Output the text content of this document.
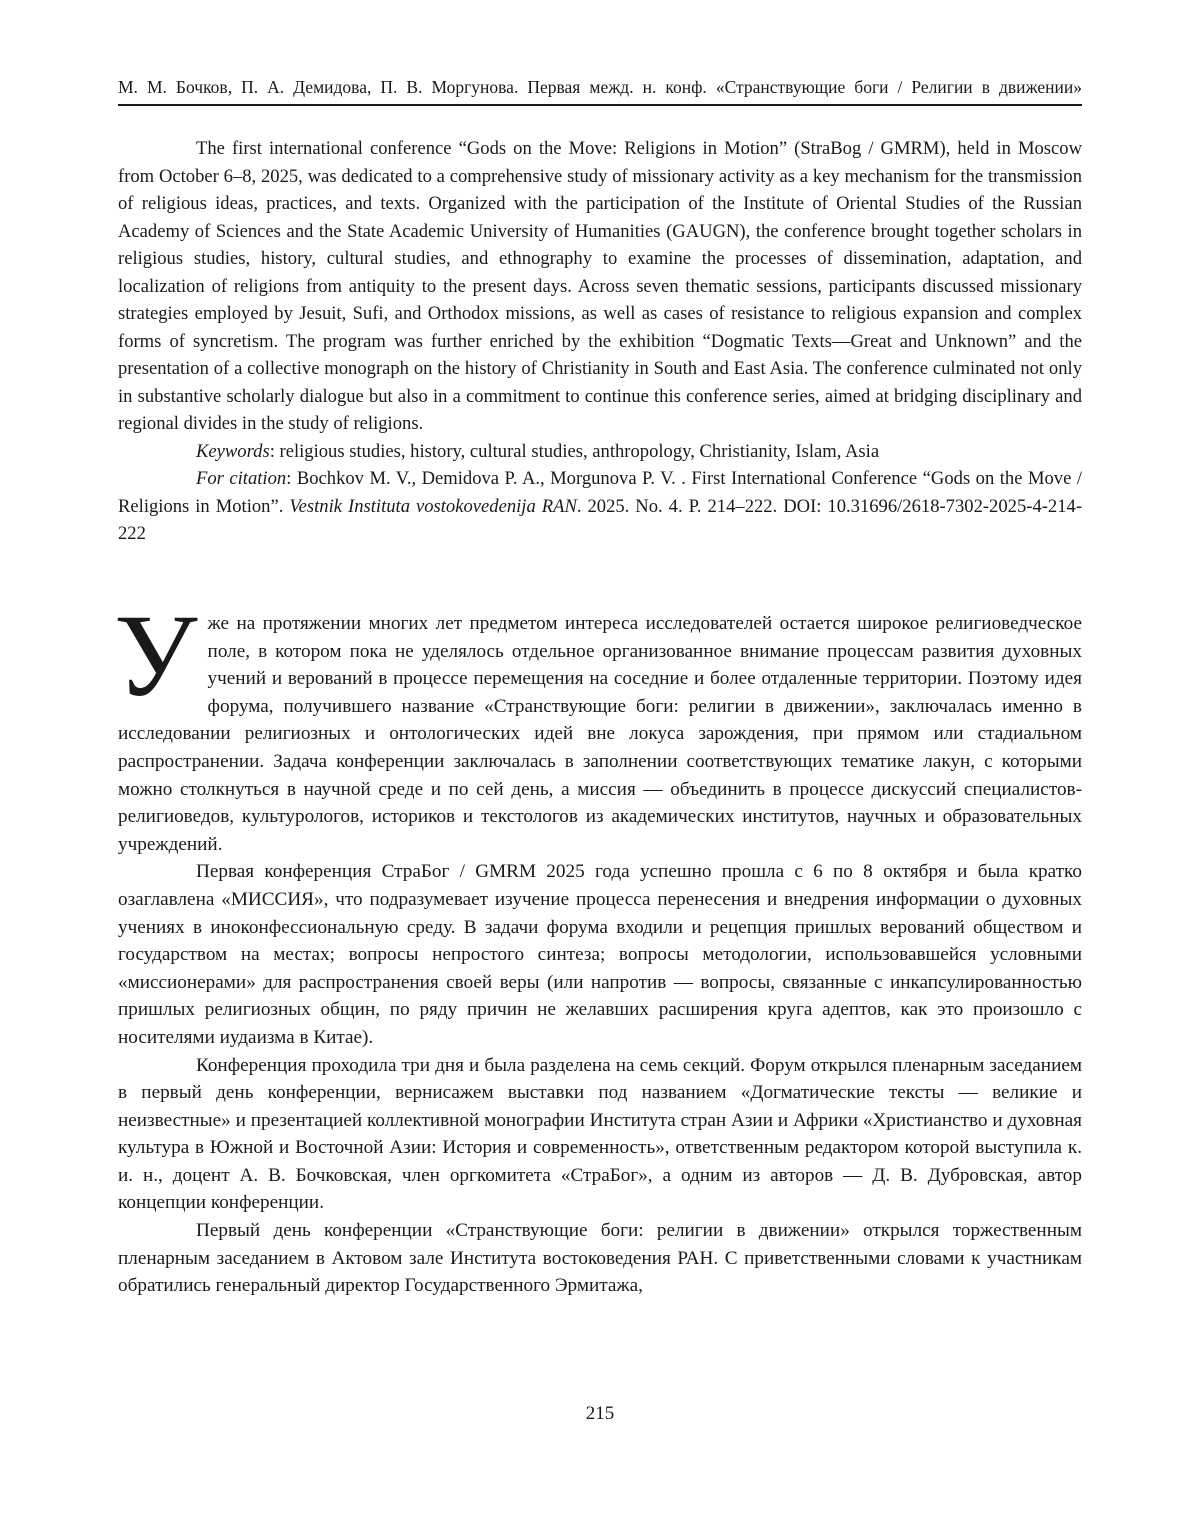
М. М. Бочков, П. А. Демидова, П. В. Моргунова. Первая межд. н. конф. «Странствующие боги / Религии в движении»

The first international conference “Gods on the Move: Religions in Motion” (StraBog / GMRM), held in Moscow from October 6–8, 2025, was dedicated to a comprehensive study of missionary activity as a key mechanism for the transmission of religious ideas, practices, and texts. Organized with the participation of the Institute of Oriental Studies of the Russian Academy of Sciences and the State Academic University of Humanities (GAUGN), the conference brought together scholars in religious studies, history, cultural studies, and ethnography to examine the processes of dissemination, adaptation, and localization of religions from antiquity to the present days. Across seven thematic sessions, participants discussed missionary strategies employed by Jesuit, Sufi, and Orthodox missions, as well as cases of resistance to religious expansion and complex forms of syncretism. The program was further enriched by the exhibition “Dogmatic Texts—Great and Unknown” and the presentation of a collective monograph on the history of Christianity in South and East Asia. The conference culminated not only in substantive scholarly dialogue but also in a commitment to continue this conference series, aimed at bridging disciplinary and regional divides in the study of religions.

Keywords: religious studies, history, cultural studies, anthropology, Christianity, Islam, Asia

For citation: Bochkov M. V., Demidova P. A., Morgunova P. V. . First International Conference “Gods on the Move / Religions in Motion”. Vestnik Instituta vostokovedenija RAN. 2025. No. 4. P. 214–222. DOI: 10.31696/2618-7302-2025-4-214-222

Уже на протяжении многих лет предметом интереса исследователей остается широкое религиоведческое поле, в котором пока не уделялось отдельное организованное внимание процессам развития духовных учений и верований в процессе перемещения на соседние и более отдаленные территории. Поэтому идея форума, получившего название «Странствующие боги: религии в движении», заключалась именно в исследовании религиозных и онтологических идей вне локуса зарождения, при прямом или стадиальном распространении. Задача конференции заключалась в заполнении соответствующих тематике лакун, с которыми можно столкнуться в научной среде и по сей день, а миссия — объединить в процессе дискуссий специалистов-религиоведов, культурологов, историков и текстологов из академических институтов, научных и образовательных учреждений.

Первая конференция СтраБог / GMRM 2025 года успешно прошла с 6 по 8 октября и была кратко озаглавлена «МИССИЯ», что подразумевает изучение процесса перенесения и внедрения информации о духовных учениях в иноконфессиональную среду. В задачи форума входили и рецепция пришлых верований обществом и государством на местах; вопросы непростого синтеза; вопросы методологии, использовавшейся условными «миссионерами» для распространения своей веры (или напротив — вопросы, связанные с инкапсулированностью пришлых религиозных общин, по ряду причин не желавших расширения круга адептов, как это произошло с носителями иудаизма в Китае).

Конференция проходила три дня и была разделена на семь секций. Форум открылся пленарным заседанием в первый день конференции, вернисажем выставки под названием «Догматические тексты — великие и неизвестные» и презентацией коллективной монографии Института стран Азии и Африки «Христианство и духовная культура в Южной и Восточной Азии: История и современность», ответственным редактором которой выступила к. и. н., доцент А. В. Бочковская, член оргкомитета «СтраБог», а одним из авторов — Д. В. Дубровская, автор концепции конференции.

Первый день конференции «Странствующие боги: религии в движении» открылся торжественным пленарным заседанием в Актовом зале Института востоковедения РАН. С приветственными словами к участникам обратились генеральный директор Государственного Эрмитажа,

215
